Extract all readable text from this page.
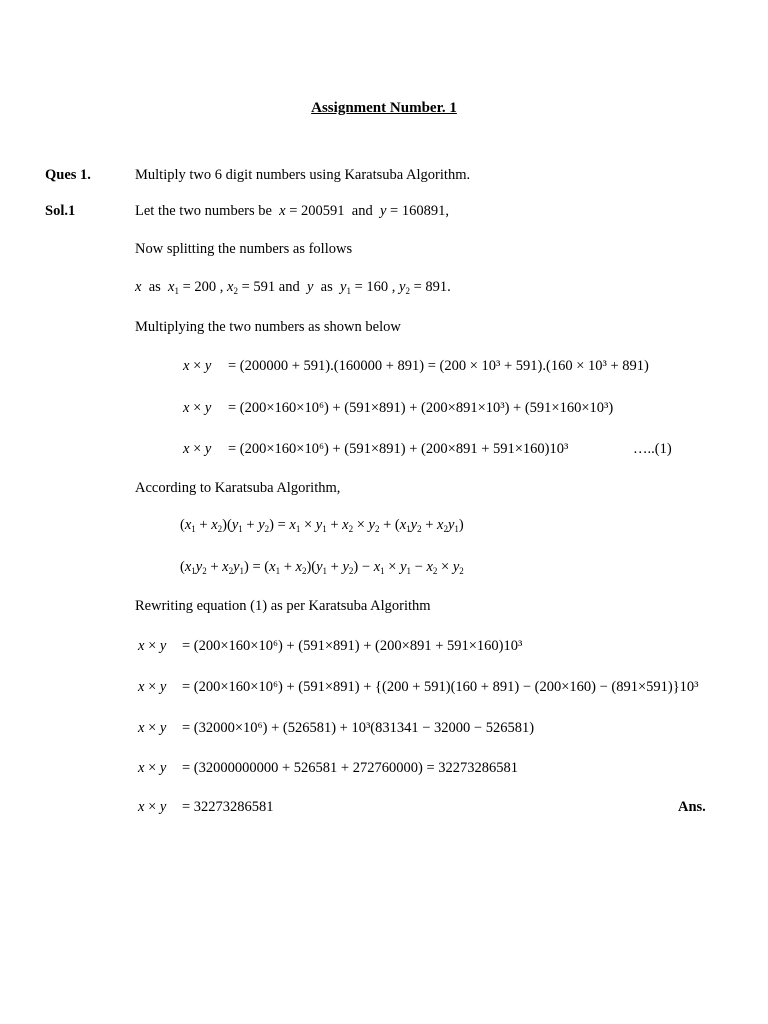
Assignment Number. 1
Ques 1.	Multiply two 6 digit numbers using Karatsuba Algorithm.
Sol.1	Let the two numbers be x = 200591  and  y = 160891,
Now splitting the numbers as follows
x  as  $x_1 = 200$ , $x_2 = 591$ and  y  as  $y_1 = 160$ , $y_2 = 891$.
Multiplying the two numbers as shown below
x × y = (200000 + 591).(160000 + 891) = (200 × 10³ + 591).(160 × 10³ + 891)
x × y = (200×160×10⁶) + (591×891) + (200×891×10³) + (591×160×10³)
x × y = (200×160×10⁶) + (591×891) + (200×891 + 591×160)10³	…..(1)
According to Karatsuba Algorithm,
$(x_1 + x_2)(y_1 + y_2) = x_1 \times y_1 + x_2 \times y_2 + (x_1y_2 + x_2y_1)$
$(x_1y_2 + x_2y_1) = (x_1 + x_2)(y_1 + y_2) - x_1 \times y_1 - x_2 \times y_2$
Rewriting equation (1) as per Karatsuba Algorithm
x × y = (200×160×10⁶) + (591×891) + (200×891 + 591×160)10³
x × y = (200×160×10⁶) + (591×891) + {(200 + 591)(160 + 891) − (200×160) − (891×591)}10³
x × y = (32000×10⁶) + (526581) + 10³(831341 − 32000 − 526581)
x × y = (32000000000 + 526581 + 272760000) = 32273286581
x × y = 32273286581	Ans.
